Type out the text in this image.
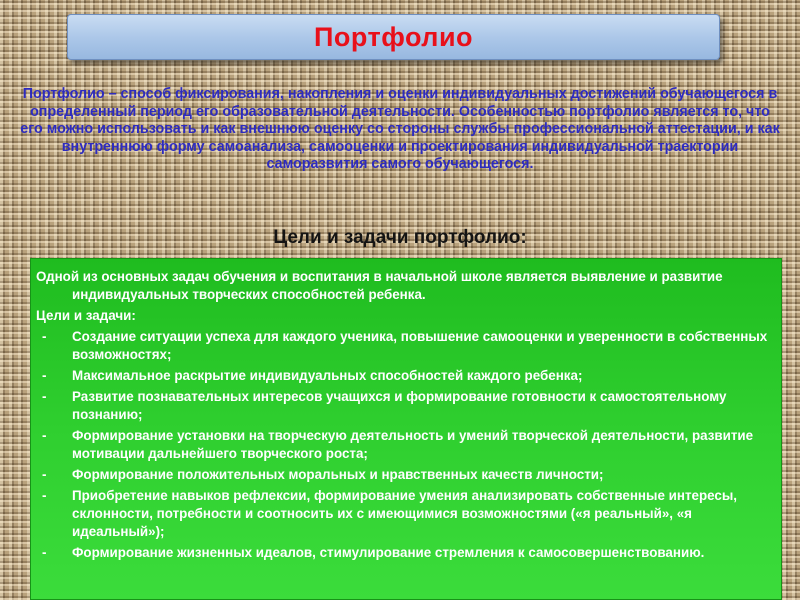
Портфолио

Портфолио – способ фиксирования, накопления и оценки индивидуальных достижений обучающегося в определенный период его образовательной деятельности. Особенностью портфолио является то, что его можно использовать и как внешнюю оценку со стороны службы профессиональной аттестации, и как внутреннюю форму самоанализа, самооценки и проектирования индивидуальной траектории саморазвития самого обучающегося.

Цели и задачи портфолио:

Одной из основных задач обучения и воспитания в начальной школе является выявление и развитие индивидуальных творческих способностей ребенка.

Цели и задачи:

- Создание ситуации успеха для каждого ученика, повышение самооценки и уверенности в собственных возможностях;
- Максимальное раскрытие индивидуальных способностей каждого ребенка;
- Развитие познавательных интересов учащихся и формирование готовности к самостоятельному познанию;
- Формирование установки на творческую деятельность и умений творческой деятельности, развитие мотивации дальнейшего творческого роста;
- Формирование положительных моральных и нравственных качеств личности;
- Приобретение навыков рефлексии, формирование умения анализировать собственные интересы, склонности, потребности и соотносить их с имеющимися возможностями («я реальный», «я идеальный»);
- Формирование жизненных идеалов, стимулирование стремления к самосовершенствованию.
